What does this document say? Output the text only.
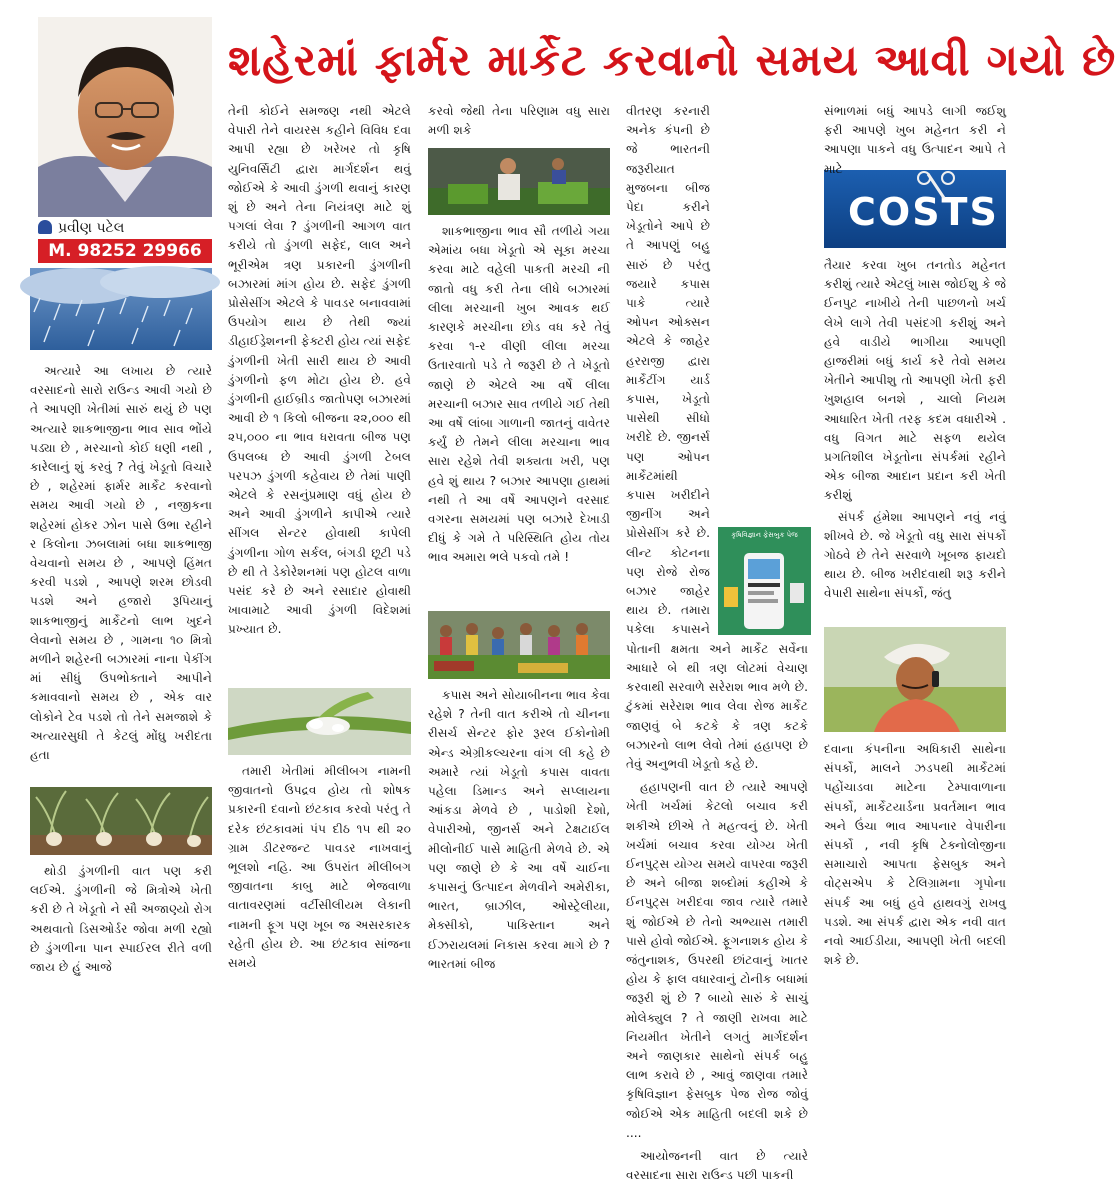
શહેરમાં ફાર્મર માર્કેટ કરવાનો સમય આવી ગયો છે
પ્રવીણ પટેલ
M. 98252 29966
કૃષિવિજ્ઞાન ફેસબુક પેજ
COSTS

અત્યારે આ લખાય છે ત્યારે વરસાદનો સારો રાઉન્ડ આવી ગયો છે તે આપણી ખેતીમાં સારું થયું છે પણ અત્યારે શાકભાજીના ભાવ સાવ ભોંયે પડ્યા છે , મરચાનો કોઈ ધણી નથી , કારેલાનું શું કરવું ? તેવું ખેડૂતો વિચારે છે , શહેરમાં ફાર્મર માર્કેટ કરવાનો સમય આવી ગયો છે , નજીકના શહેરમાં હોકર ઝોન પાસે ઉભા રહીને ર કિલોના ઝબલામાં બધા શાકભાજી વેચવાનો સમય છે , આપણે હિંમત કરવી પડશે , આપણે શરમ છોડવી પડશે અને હજારો રૂપિયાનું શાકભાજીનું માર્કેટનો લાભ ખુદને લેવાનો સમય છે , ગામના ૧૦ મિત્રો મળીને શહેરની બઝારમાં નાના પેકીંગ માં સીધું ઉપભોક્તાને આપીને કમાવવાનો સમય છે , એક વાર લોકોને ટેવ પડશે તો તેને સમજાશે કે અત્યારસુધી તે કેટલું મોંઘુ ખરીદતા હતા

થોડી ડુંગળીની વાત પણ કરી લઈએ. ડુંગળીની જે મિત્રોએ ખેતી કરી છે તે ખેડૂતો ને સૌ અજાણ્યો રોગ અથવાતો ડિસઓર્ડર જોવા મળી રહ્યો છે ડુંગળીના પાન સ્પાઈરલ રીતે વળી જાય છે હું આજે

તેની કોઈને સમજણ નથી એટલે વેપારી તેને વાયરસ કહીને વિવિધ દવા આપી રહ્યા છે ખરેખર તો કૃષિ યુનિવર્સિટી દ્વારા માર્ગદર્શન થવું જોઈએ કે આવી ડુંગળી થવાનું કારણ શું છે અને તેના નિયંત્રણ માટે શું પગલાં લેવા ? ડુંગળીની આગળ વાત કરીયે તો ડુંગળી સફેદ, લાલ અને ભૂરીએમ ત્રણ પ્રકારની ડુંગળીની બઝારમાં માંગ હોય છે. સફેદ ડુંગળી પ્રોસેસીંગ એટલે કે પાવડર બનાવવામાં ઉપયોગ થાય છે તેથી જ્યાં ડીહાઈડ્રેશનની ફેક્ટરી હોય ત્યાં સફેદ ડુંગળીની ખેતી સારી થાય છે આવી ડુંગળીનો ફળ મોટા હોય છે. હવે ડુંગળીની હાઈબ્રીડ જાતોપણ બઝારમાં આવી છે ૧ કિલો બીજના ૨૨,૦૦૦ થી ૨૫,૦૦૦ ના ભાવ ધરાવતા બીજ પણ ઉપલબ્ધ છે આવી ડુંગળી ટેબલ પરપઝ ડુંગળી કહેવાય છે તેમાં પાણી એટલે કે રસનુંપ્રમાણ વધું હોય છે અને આવી ડુંગળીને કાપીએ ત્યારે સીંગલ સેન્ટર હોવાથી કાપેલી ડુંગળીના ગોળ સર્કલ, બંગડી છૂટી પડે છે થી તે ડેકોરેશનમાં પણ હોટલ વાળા પસંદ કરે છે અને રસાદાર હોવાથી ખાવામાટે આવી ડુંગળી વિદેશમાં પ્રખ્યાત છે.

તમારી ખેતીમાં મીલીબગ નામની જીવાતનો ઉપદ્રવ હોય તો શોષક પ્રકારની દવાનો છંટકાવ કરવો પરંતુ તે દરેક છંટકાવમાં પંપ દીઠ ૧૫ થી ૨૦ ગ્રામ ડીટરજન્ટ પાવડર નાખવાનું ભૂલશો નહિ. આ ઉપરાંત મીલીબગ જીવાતના કાબુ માટે ભેજવાળા વાતાવરણમાં વર્ટીસીલીયમ લેકાની નામની ફૂગ પણ ખૂબ જ અસરકારક રહેતી હોય છે. આ છંટકાવ સાંજના સમયે

કરવો જેથી તેના પરિણામ વધુ સારા મળી શકે

શાકભાજીના ભાવ સૌ તળીયે ગયા એમાંય બધા ખેડૂતો એ સૂકા મરચા કરવા માટે વહેલી પાકતી મરચી ની જાતો વધુ કરી તેના લીધે બઝારમાં લીલા મરચાની ખુબ આવક થઈ કારણકે મરચીના છોડ વધ કરે તેવું કરવા ૧-ર વીણી લીલા મરચા ઉતારવાતો પડે તે જરૂરી છે તે ખેડૂતો જાણે છે એટલે આ વર્ષે લીલા મરચાની બઝાર સાવ તળીયે ગઈ તેથી આ વર્ષે લાંબા ગાળાની જાતનું વાવેતર કર્યું છે તેમને લીલા મરચાના ભાવ સારા રહેશે તેવી શક્યતા ખરી, પણ હવે શું થાય ? બઝાર આપણા હાથમાં નથી તે આ વર્ષે આપણને વરસાદ વગરના સમયમાં પણ બઝારે દેખાડી દીધું કે ગમે તે પરિસ્થિતિ હોય તોય ભાવ અમારા ભલે પકવો તમે !

કપાસ અને સોયાબીનના ભાવ કેવા રહેશે ? તેની વાત કરીએ તો ચીનના રીસર્ચ સેન્ટર ફોર રૂરલ ઈકોનોમી એન્ડ એગ્રીકલ્ચરના વાંગ લી કહે છે અમારે ત્યાં ખેડૂતો કપાસ વાવતા પહેલા ડિમાન્ડ અને સપ્લાયના આંકડા મેળવે છે , પાડોશી દેશો, વેપારીઓ, જીનર્સ અને ટેક્ષટાઈલ મીલોનીઈ પાસે માહિતી મેળવે છે. એ પણ જાણે છે કે આ વર્ષે ચાઈના કપાસનું ઉત્પાદન મેળવીને અમેરીકા, ભારત, બ્રાઝીલ, ઓસ્ટ્રેલીયા, મેક્સીકો, પાકિસ્તાન અને ઈઝરાયલમાં નિકાસ કરવા માગે છે ? ભારતમાં બીજ

વીતરણ કરનારી અનેક કંપની છે જે ભારતની જરૂરીયાત મુજબના બીજ પેદા કરીને ખેડૂતોને આપે છે તે આપણું બહુ સારું છે પરંતુ જયારે કપાસ પાકે ત્યારે ઓપન ઓક્સન એટલે કે જાહેર હરરાજી દ્વારા માર્કેટીંગ યાર્ડ કપાસ, ખેડૂતો પાસેથી સીધો ખરીદે છે. જીનર્સ પણ ઓપન માર્કેટમાંથી કપાસ ખરીદીને જીનીંગ અને પ્રોસેસીંગ કરે છે. લીન્ટ કોટનના પણ રોજે રોજ બઝાર જાહેર થાય છે. તમારા પકેલા કપાસને પોતાની ક્ષમતા અને માર્કેટ સર્વેના આધારે બે થી ત્રણ લોટમાં વેચાણ કરવાથી સરવાળે સરેરાશ ભાવ મળે છે. ટુંકમાં સરેરાશ ભાવ લેવા રોજ માર્કેટ જાણવું બે કટકે કે ત્રણ કટકે બઝારનો લાભ લેવો તેમાં હહાપણ છે તેવું અનુભવી ખેડૂતો કહે છે.

હહાપણની વાત છે ત્યારે આપણે ખેતી ખર્ચમાં કેટલો બચાવ કરી શકીએ છીએ તે મહત્વનું છે. ખેતી ખર્ચમાં બચાવ કરવા યોગ્ય ખેતી ઈનપુટ્સ યોગ્ય સમયે વાપરવા જરૂરી છે અને બીજા શબ્દોમાં કહીએ કે ઈનપુટ્સ ખરીદવા જાવ ત્યારે તમારે શું જોઈએ છે તેનો અભ્યાસ તમારી પાસે હોવો જોઈએ. ફૂગનાશક હોય કે જંતુનાશક, ઉપરથી છાંટવાનું ખાતર હોય કે ફાલ વધારવાનું ટોનીક બધામાં જરૂરી શું છે ? બાયો સારું કે સાચું મોલેક્યુલ ? તે જાણી રાખવા માટે નિયમીત ખેતીને લગતું માર્ગદર્શન અને જાણકાર સાથેનો સંપર્ક બહુ લાભ કરાવે છે , આવું જાણવા તમારે કૃષિવિજ્ઞાન ફેસબુક પેજ રોજ જોવું જોઈએ એક માહિતી બદલી શકે છે ....

આયોજનની વાત છે ત્યારે વરસાદના સારા રાઉન્ડ પછી પાકની

સંભાળમાં બધું આપડે લાગી જઈશુ ફરી આપણે ખુબ મહેનત કરી ને આપણા પાકને વધુ ઉત્પાદન આપે તે માટે

તૈયાર કરવા ખુબ તનતોડ મહેનત કરીશું ત્યારે એટલું ખાસ જોઈશુ કે જે ઈનપુટ નાખીયે તેની પાછળનો ખર્ચ લેખે લાગે તેવી પસંદગી કરીશું અને હવે વાડીયે ભાગીયા આપણી હાજરીમાં બધું કાર્ય કરે તેવો સમય ખેતીને આપીશુ તો આપણી ખેતી ફરી ખુશહાલ બનશે , ચાલો નિયમ આધારિત ખેતી તરફ કદમ વધારીએ . વધુ વિગત માટે સફળ થયેલ પ્રગતિશીલ ખેડૂતોના સંપર્કમાં રહીને એક બીજા આદાન પ્રદાન કરી ખેતી કરીશું

સંપર્ક હંમેશા આપણને નવું નવું શીખવે છે. જે ખેડૂતો વધુ સારા સંપર્કો ગોઠવે છે તેને સરવાળે ખૂબજ ફાયદો થાય છે. બીજ ખરીદવાથી શરૂ કરીને વેપારી સાથેના સંપર્કો, જંતુ

દવાના કંપનીના અધિકારી સાથેના સંપર્કો, માલને ઝડપથી માર્કેટમાં પહોંચાડવા માટેના ટેમ્પાવાળાના સંપર્કો, માર્કેટયાર્ડના પ્રવર્તમાન ભાવ અને ઉંચા ભાવ આપનાર વેપારીના સંપર્કો , નવી કૃષિ ટેક્નોલોજીના સમાચારો આપતા ફેસબુક અને વોટ્સએપ કે ટેલિગ્રામના ગૃપોના સંપર્ક આ બધું હવે હાથવગું રાખવુ પડશે. આ સંપર્ક દ્વારા એક નવી વાત નવો આઈડીયા, આપણી ખેતી બદલી શકે છે.
